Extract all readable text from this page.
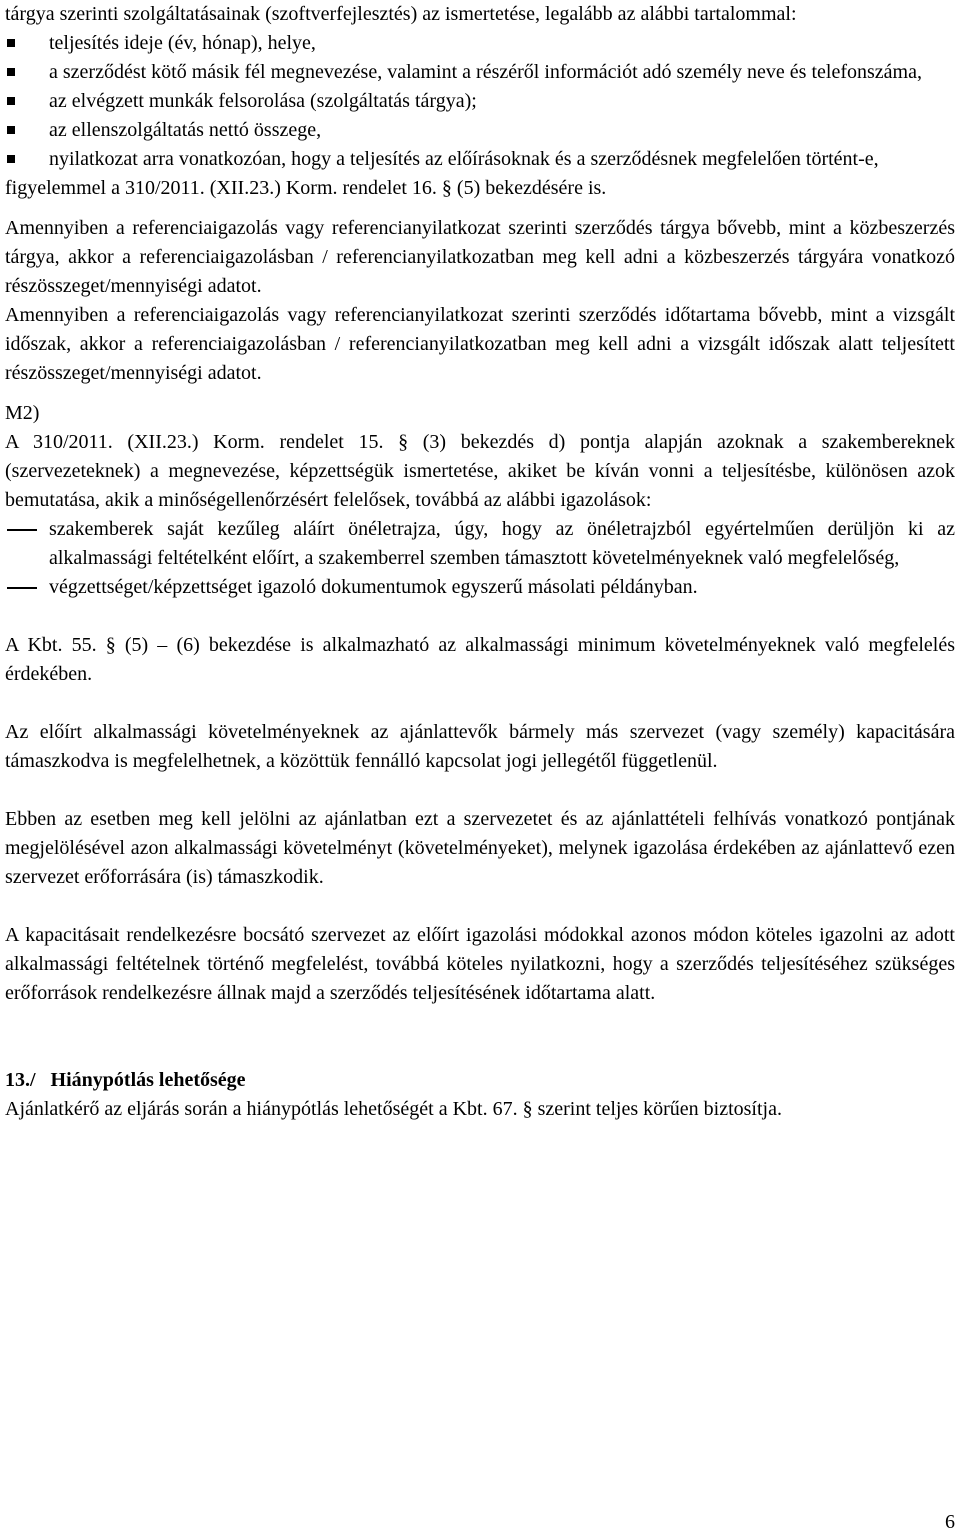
tárgya szerinti szolgáltatásainak (szoftverfejlesztés) az ismertetése, legalább az alábbi tartalommal:

teljesítés ideje (év, hónap), helye,
a szerződést kötő másik fél megnevezése, valamint a részéről információt adó személy neve és telefonszáma,
az elvégzett munkák felsorolása (szolgáltatás tárgya);
az ellenszolgáltatás nettó összege,
nyilatkozat arra vonatkozóan, hogy a teljesítés az előírásoknak és a szerződésnek megfelelően történt-e,

figyelemmel a 310/2011. (XII.23.) Korm. rendelet 16. § (5) bekezdésére is.

Amennyiben a referenciaigazolás vagy referencianyilatkozat szerinti szerződés tárgya bővebb, mint a közbeszerzés tárgya, akkor a referenciaigazolásban / referencianyilatkozatban meg kell adni a közbeszerzés tárgyára vonatkozó részösszeget/mennyiségi adatot.

Amennyiben a referenciaigazolás vagy referencianyilatkozat szerinti szerződés időtartama bővebb, mint a vizsgált időszak, akkor a referenciaigazolásban / referencianyilatkozatban meg kell adni a vizsgált időszak alatt teljesített részösszeget/mennyiségi adatot.

M2)

A 310/2011. (XII.23.) Korm. rendelet 15. § (3) bekezdés d) pontja alapján azoknak a szakembereknek (szervezeteknek) a megnevezése, képzettségük ismertetése, akiket be kíván vonni a teljesítésbe, különösen azok bemutatása, akik a minőségellenőrzésért felelősek, továbbá az alábbi igazolások:

szakemberek saját kezűleg aláírt önéletrajza, úgy, hogy az önéletrajzból egyértelműen derüljön ki az alkalmassági feltételként előírt, a szakemberrel szemben támasztott követelményeknek való megfelelőség,
végzettséget/képzettséget igazoló dokumentumok egyszerű másolati példányban.

A Kbt. 55. § (5) – (6) bekezdése is alkalmazható az alkalmassági minimum követelményeknek való megfelelés érdekében.

Az előírt alkalmassági követelményeknek az ajánlattevők bármely más szervezet (vagy személy) kapacitására támaszkodva is megfelelhetnek, a közöttük fennálló kapcsolat jogi jellegétől függetlenül.

Ebben az esetben meg kell jelölni az ajánlatban ezt a szervezetet és az ajánlattételi felhívás vonatkozó pontjának megjelölésével azon alkalmassági követelményt (követelményeket), melynek igazolása érdekében az ajánlattevő ezen szervezet erőforrására (is) támaszkodik.

A kapacitásait rendelkezésre bocsátó szervezet az előírt igazolási módokkal azonos módon köteles igazolni az adott alkalmassági feltételnek történő megfelelést, továbbá köteles nyilatkozni, hogy a szerződés teljesítéséhez szükséges erőforrások rendelkezésre állnak majd a szerződés teljesítésének időtartama alatt.

13./   Hiánypótlás lehetősége

Ajánlatkérő az eljárás során a hiánypótlás lehetőségét a Kbt. 67. § szerint teljes körűen biztosítja.

6
